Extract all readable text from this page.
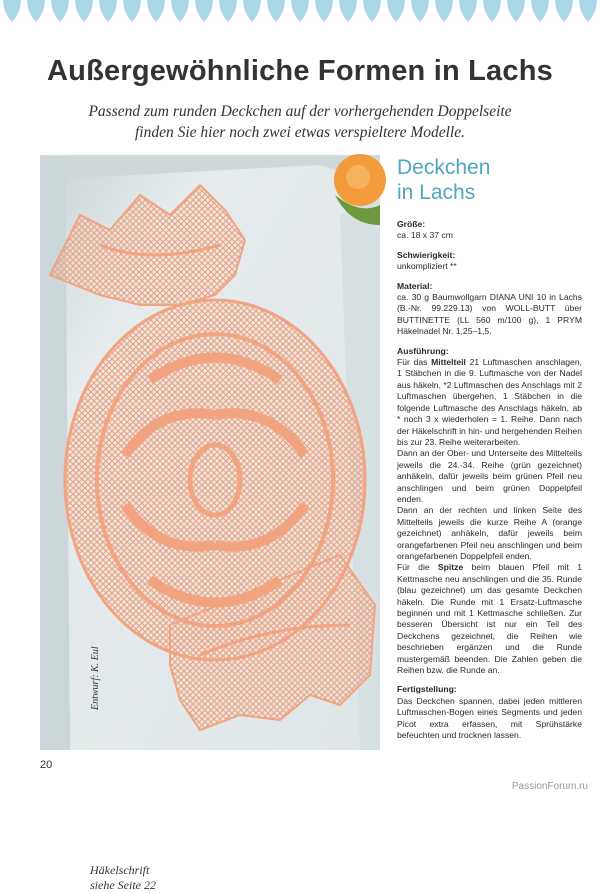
Außergewöhnliche Formen in Lachs
Passend zum runden Deckchen auf der vorhergehenden Doppelseite
finden Sie hier noch zwei etwas verspieltere Modelle.
Entwurf: K. Eul
Häkelschrift
siehe Seite 22
Deckchen
in Lachs
Größe:
ca. 18 x 37 cm
Schwierigkeit:
unkompliziert **
Material:
ca. 30 g Baumwollgarn DIANA UNI 10 in Lachs (B.-Nr. 99.229.13) von WOLL-BUTT über BUTTINETTE (LL 560 m/100 g), 1 PRYM Häkelnadel Nr. 1,25–1,5.
Ausführung:
Für das Mittelteil 21 Luftmaschen anschlagen, 1 Stäbchen in die 9. Luftmasche von der Nadel aus häkeln, *2 Luftmaschen des Anschlags mit 2 Luftmaschen übergehen, 1 Stäbchen in die folgende Luftmasche des Anschlags häkeln, ab * noch 3 x wiederholen = 1. Reihe. Dann nach der Häkelschrift in hin- und hergehenden Reihen bis zur 23. Reihe weiterarbeiten.
Dann an der Ober- und Unterseite des Mittelteils jeweils die 24.-34. Reihe (grün gezeichnet) anhäkeln, dafür jeweils beim grünen Pfeil neu anschlingen und beim grünen Doppelpfeil enden.
Dann an der rechten und linken Seite des Mittelteils jeweils die kurze Reihe A (orange gezeichnet) anhäkeln, dafür jeweils beim orangefarbenen Pfeil neu anschlingen und beim orangefarbenen Doppelpfeil enden.
Für die Spitze beim blauen Pfeil mit 1 Kettmasche neu anschlingen und die 35. Runde (blau gezeichnet) um das gesamte Deckchen häkeln. Die Runde mit 1 Ersatz-Luftmasche beginnen und mit 1 Kettmasche schließen. Zur besseren Übersicht ist nur ein Teil des Deckchens gezeichnet, die Reihen wie beschrieben ergänzen und die Runde mustergemäß beenden. Die Zahlen geben die Reihen bzw. die Runde an.
Fertigstellung:
Das Deckchen spannen, dabei jeden mittleren Luftmaschen-Bogen eines Segments und jeden Picot extra erfassen, mit Sprühstärke befeuchten und trocknen lassen.
20
PassionForum.ru
